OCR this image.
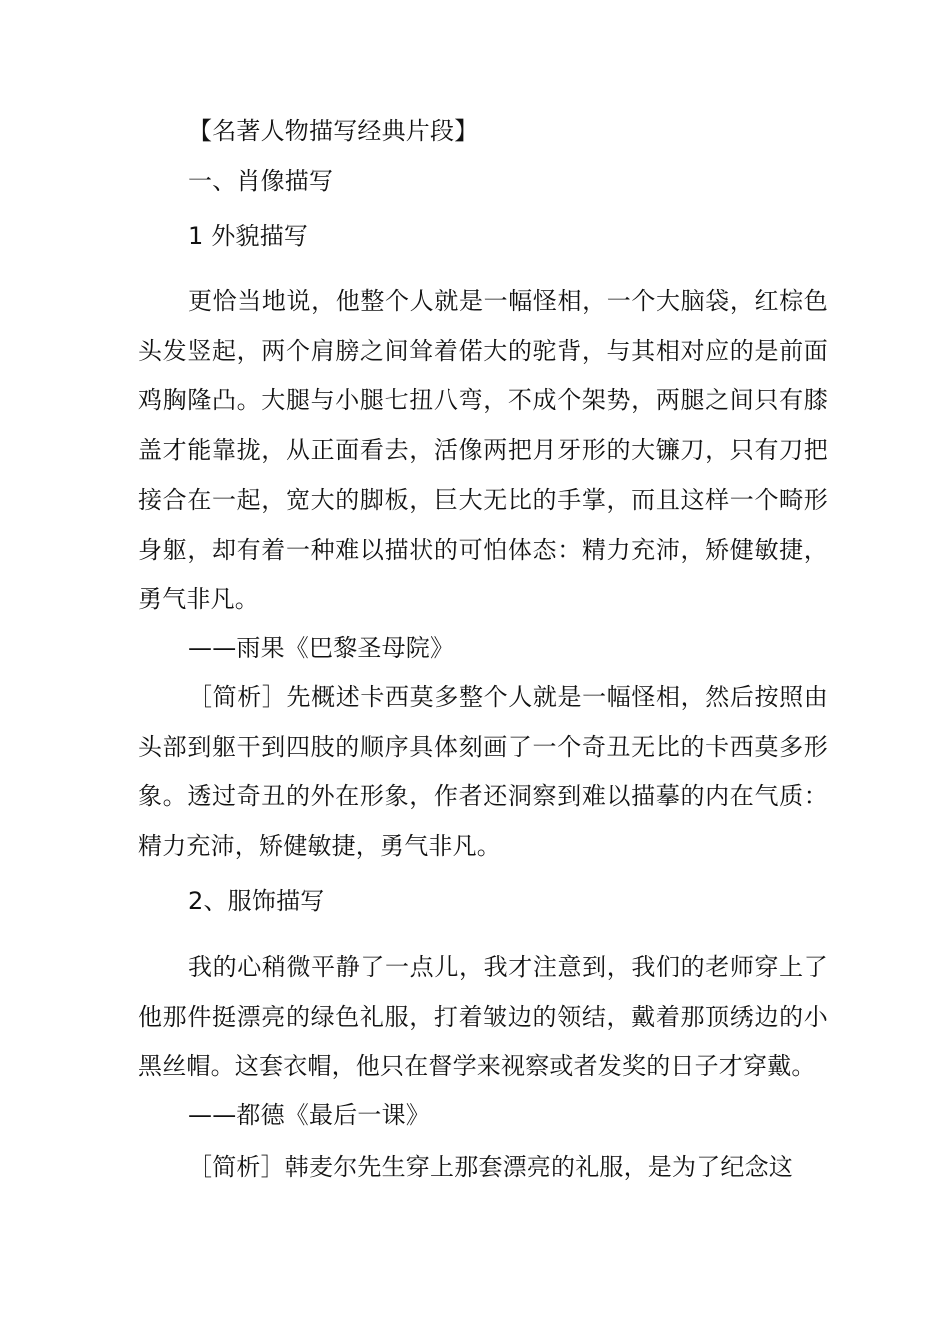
【名著人物描写经典片段】
一、肖像描写
1 外貌描写
更恰当地说，他整个人就是一幅怪相，一个大脑袋，红棕色头发竖起，两个肩膀之间耸着偌大的驼背，与其相对应的是前面鸡胸隆凸。大腿与小腿七扭八弯，不成个架势，两腿之间只有膝盖才能靠拢，从正面看去，活像两把月牙形的大镰刀，只有刀把接合在一起，宽大的脚板，巨大无比的手掌，而且这样一个畸形身躯，却有着一种难以描状的可怕体态：精力充沛，矫健敏捷，勇气非凡。
——雨果《巴黎圣母院》
［简析］先概述卡西莫多整个人就是一幅怪相，然后按照由头部到躯干到四肢的顺序具体刻画了一个奇丑无比的卡西莫多形象。透过奇丑的外在形象，作者还洞察到难以描摹的内在气质：精力充沛，矫健敏捷，勇气非凡。
2、服饰描写
我的心稍微平静了一点儿，我才注意到，我们的老师穿上了他那件挺漂亮的绿色礼服，打着皱边的领结，戴着那顶绣边的小黑丝帽。这套衣帽，他只在督学来视察或者发奖的日子才穿戴。
——都德《最后一课》
［简析］韩麦尔先生穿上那套漂亮的礼服，是为了纪念这
